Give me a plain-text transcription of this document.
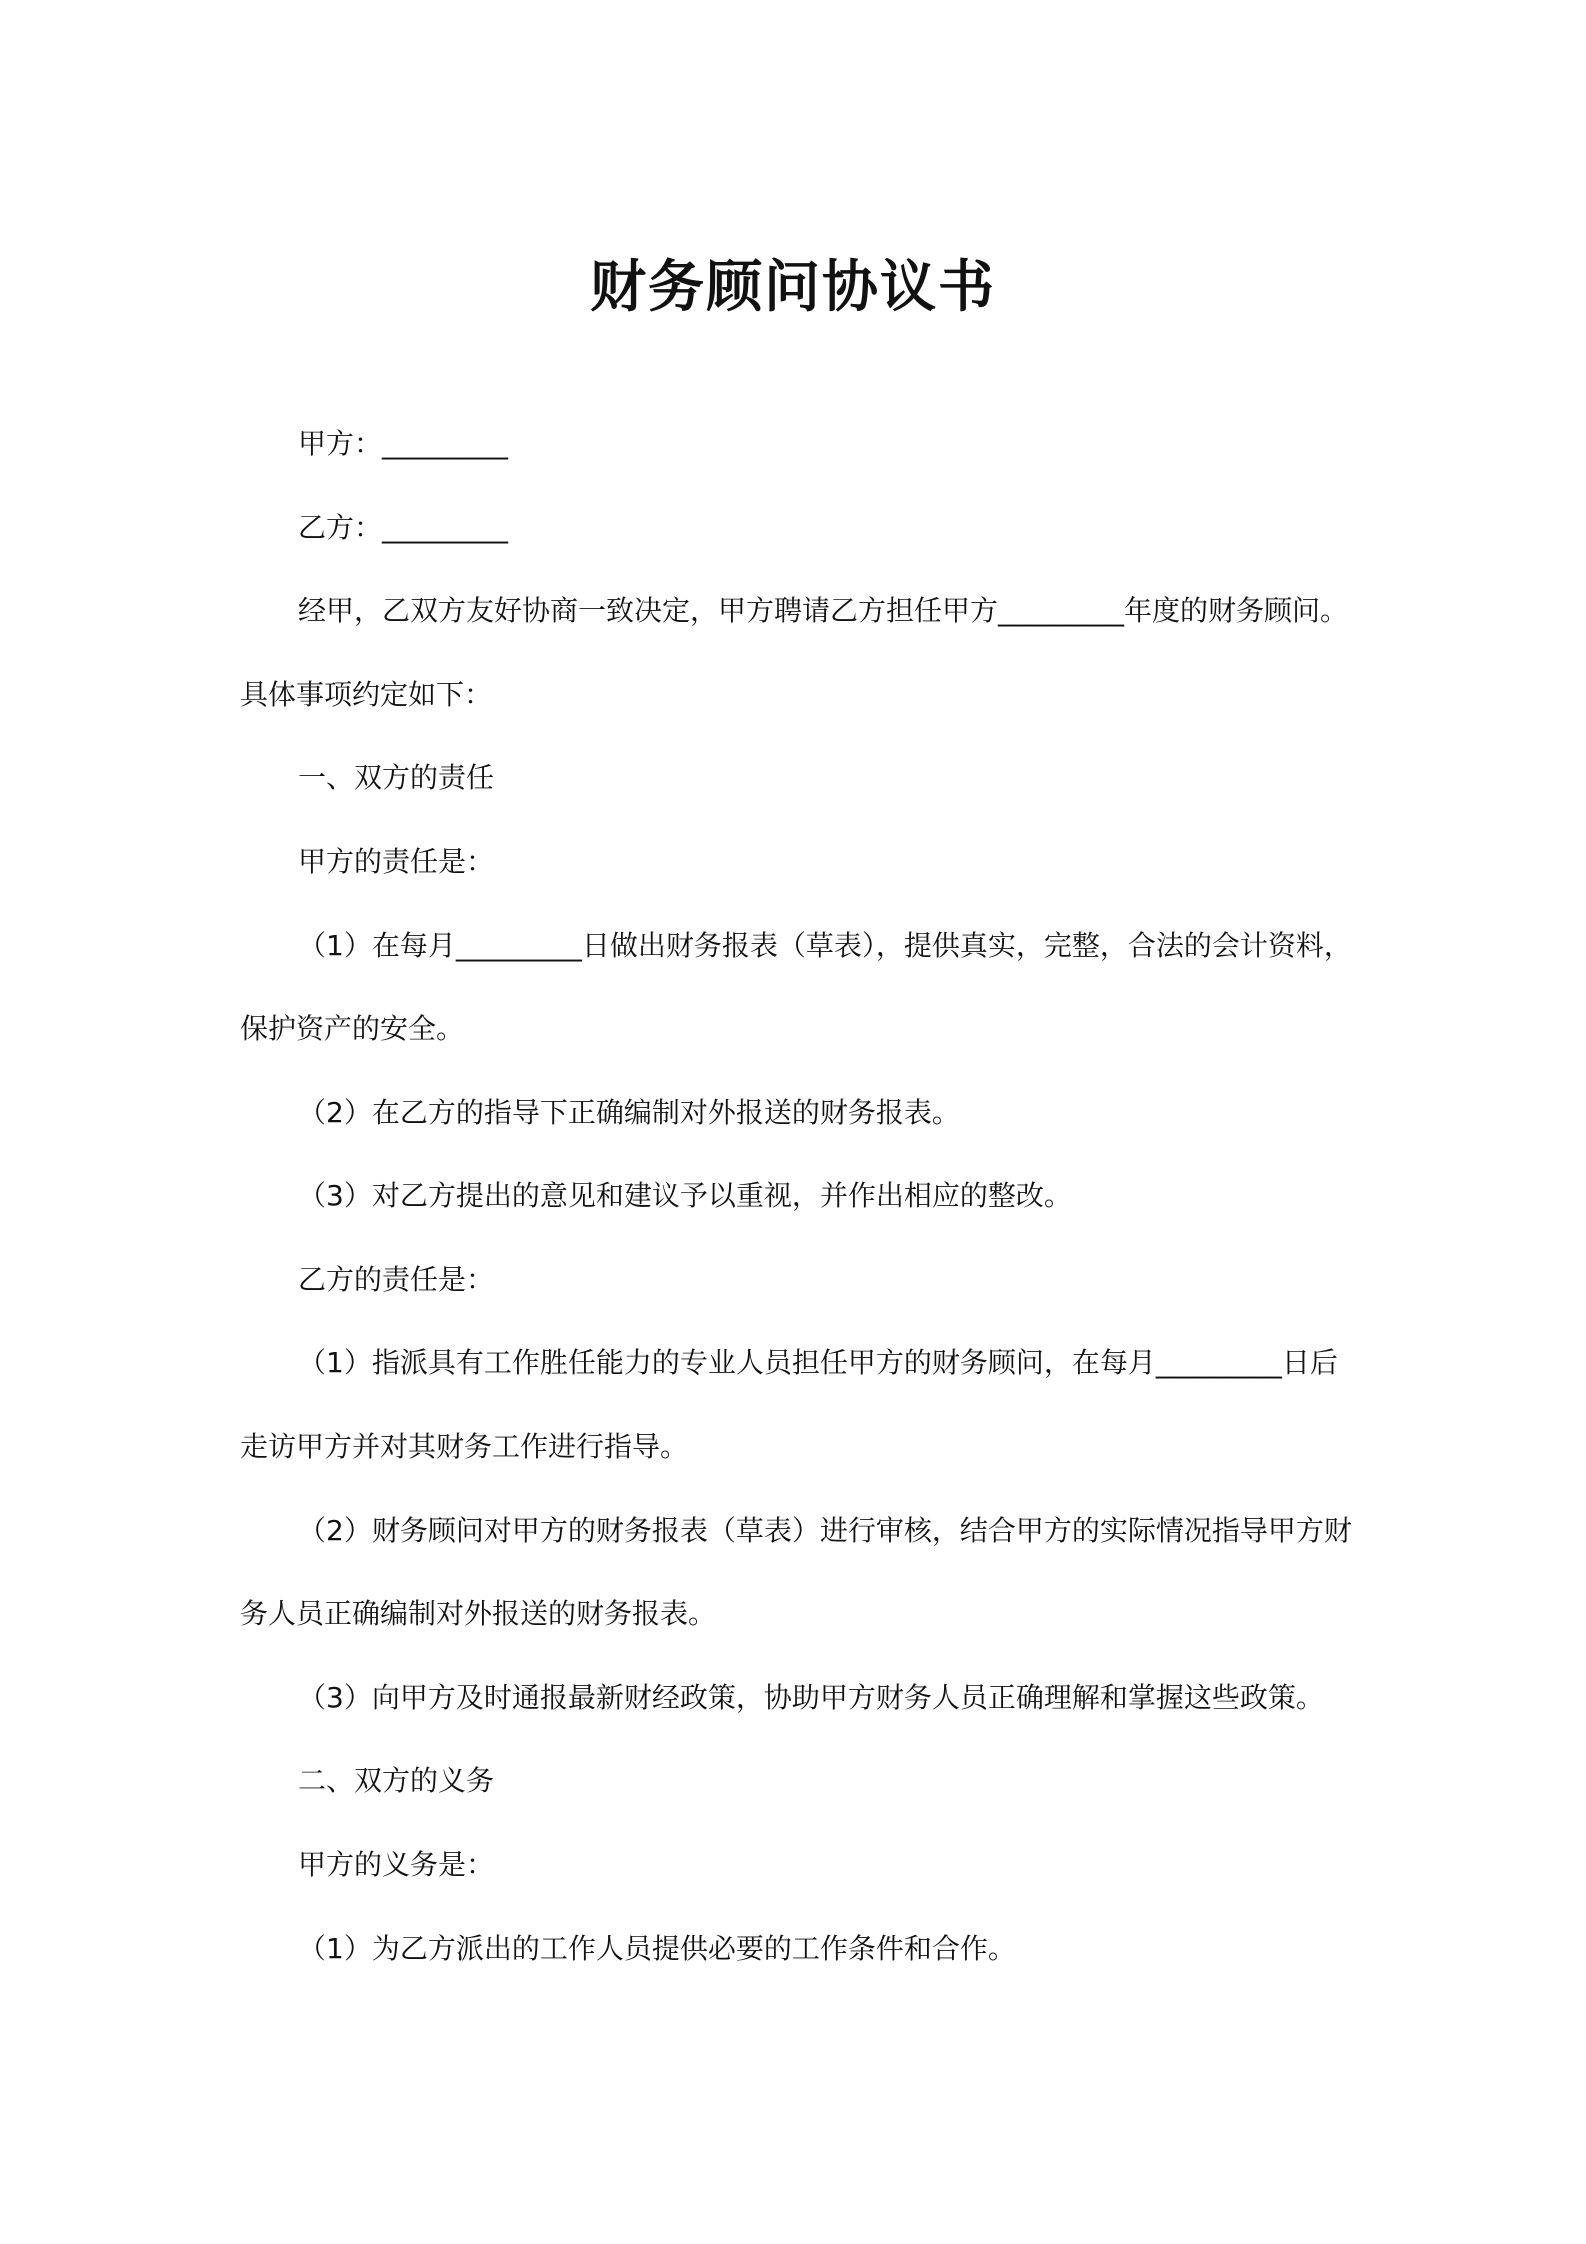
财务顾问协议书

甲方：_________

乙方：_________

经甲，乙双方友好协商一致决定，甲方聘请乙方担任甲方_________年度的财务顾问。

具体事项约定如下：

一、双方的责任

甲方的责任是：

（1）在每月_________日做出财务报表（草表），提供真实，完整，合法的会计资料，

保护资产的安全。

（2）在乙方的指导下正确编制对外报送的财务报表。

（3）对乙方提出的意见和建议予以重视，并作出相应的整改。

乙方的责任是：

（1）指派具有工作胜任能力的专业人员担任甲方的财务顾问，在每月_________日后

走访甲方并对其财务工作进行指导。

（2）财务顾问对甲方的财务报表（草表）进行审核，结合甲方的实际情况指导甲方财

务人员正确编制对外报送的财务报表。

（3）向甲方及时通报最新财经政策，协助甲方财务人员正确理解和掌握这些政策。

二、双方的义务

甲方的义务是：

（1）为乙方派出的工作人员提供必要的工作条件和合作。
